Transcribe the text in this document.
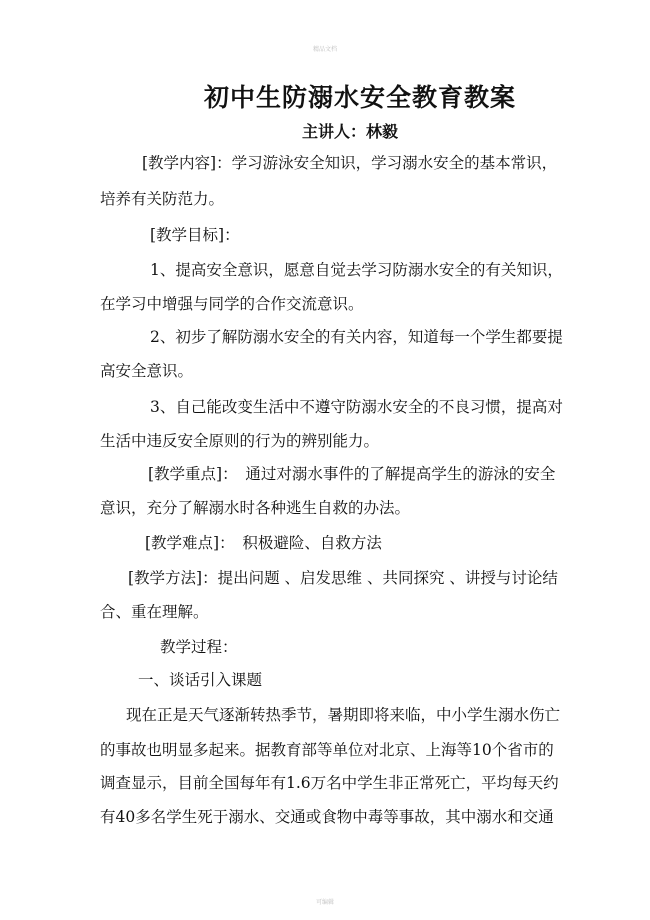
精品文档
初中生防溺水安全教育教案
主讲人：林毅
[教学内容]：学习游泳安全知识，学习溺水安全的基本常识，
培养有关防范力。
[教学目标]：
1、提高安全意识，愿意自觉去学习防溺水安全的有关知识，
在学习中增强与同学的合作交流意识。
2、初步了解防溺水安全的有关内容，知道每一个学生都要提
高安全意识。
3、自己能改变生活中不遵守防溺水安全的不良习惯，提高对
生活中违反安全原则的行为的辨别能力。
[教学重点]：　通过对溺水事件的了解提高学生的游泳的安全
意识，充分了解溺水时各种逃生自救的办法。
[教学难点]：　积极避险、自救方法
[教学方法]：提出问题 、启发思维 、共同探究 、讲授与讨论结
合、重在理解。
教学过程：
一、谈话引入课题
现在正是天气逐渐转热季节，暑期即将来临，中小学生溺水伤亡
的事故也明显多起来。据教育部等单位对北京、上海等10个省市的
调查显示，目前全国每年有1.6万名中学生非正常死亡，平均每天约
有40多名学生死于溺水、交通或食物中毒等事故，其中溺水和交通
可编辑
